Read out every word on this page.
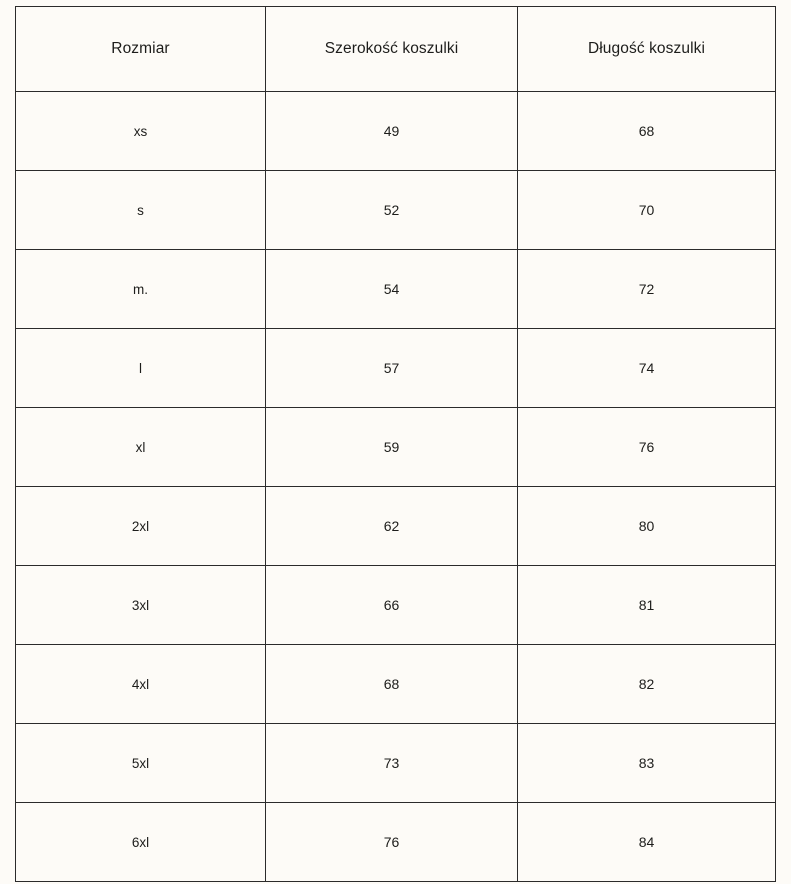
Rozmiar	Szerokość koszulki	Długość koszulki
xs	49	68
s	52	70
m.	54	72
l	57	74
xl	59	76
2xl	62	80
3xl	66	81
4xl	68	82
5xl	73	83
6xl	76	84
